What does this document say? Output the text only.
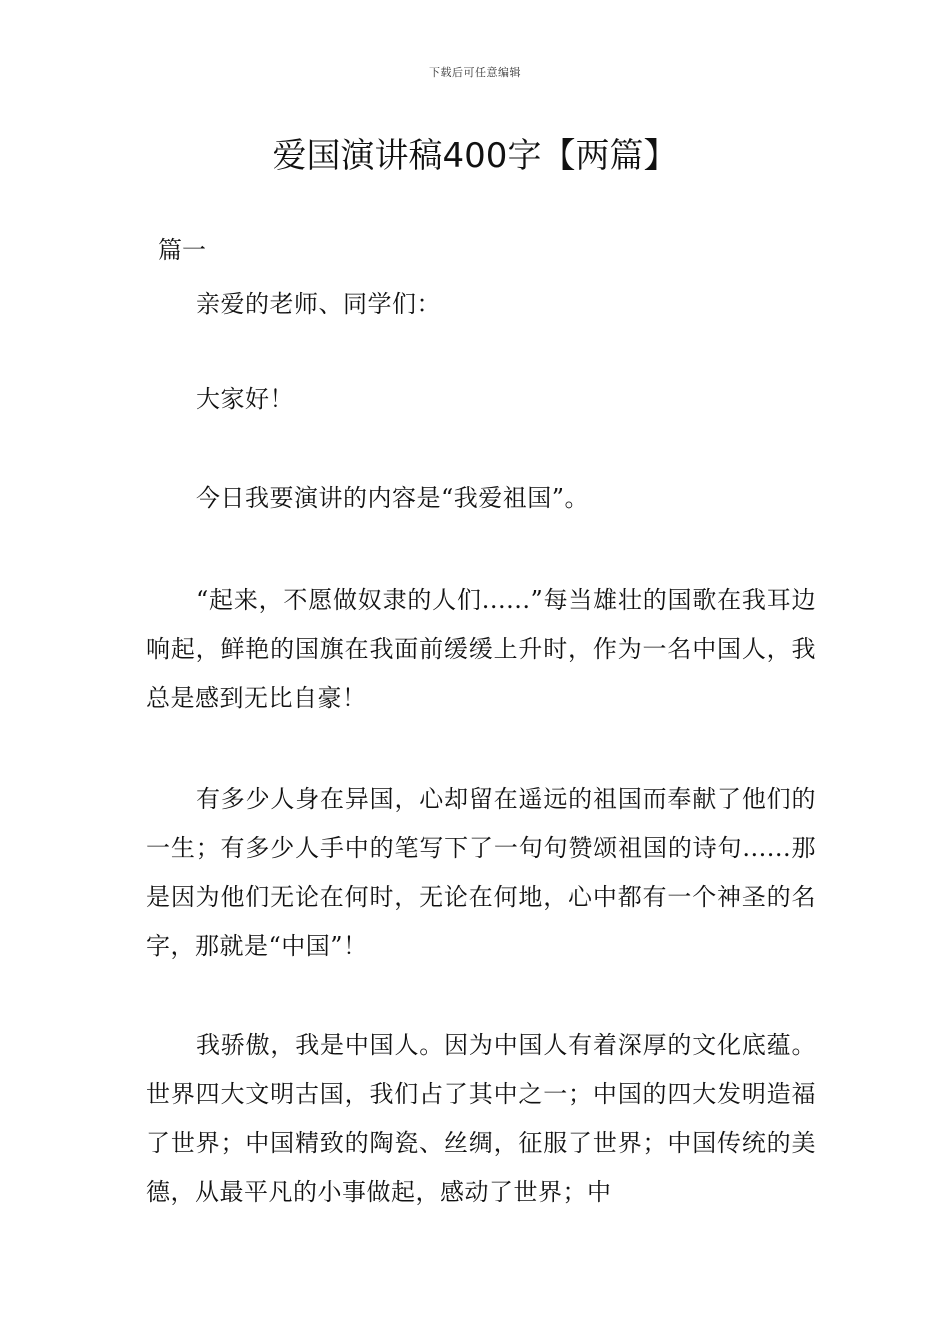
下载后可任意编辑
爱国演讲稿400字【两篇】
篇一

亲爱的老师、同学们：

大家好！

今日我要演讲的内容是“我爱祖国”。

“起来，不愿做奴隶的人们......”每当雄壮的国歌在我耳边响起，鲜艳的国旗在我面前缓缓上升时，作为一名中国人，我总是感到无比自豪！

有多少人身在异国，心却留在遥远的祖国而奉献了他们的一生；有多少人手中的笔写下了一句句赞颂祖国的诗句......那是因为他们无论在何时，无论在何地，心中都有一个神圣的名字，那就是“中国”！

我骄傲，我是中国人。因为中国人有着深厚的文化底蕴。世界四大文明古国，我们占了其中之一；中国的四大发明造福了世界；中国精致的陶瓷、丝绸，征服了世界；中国传统的美德，从最平凡的小事做起，感动了世界；中
